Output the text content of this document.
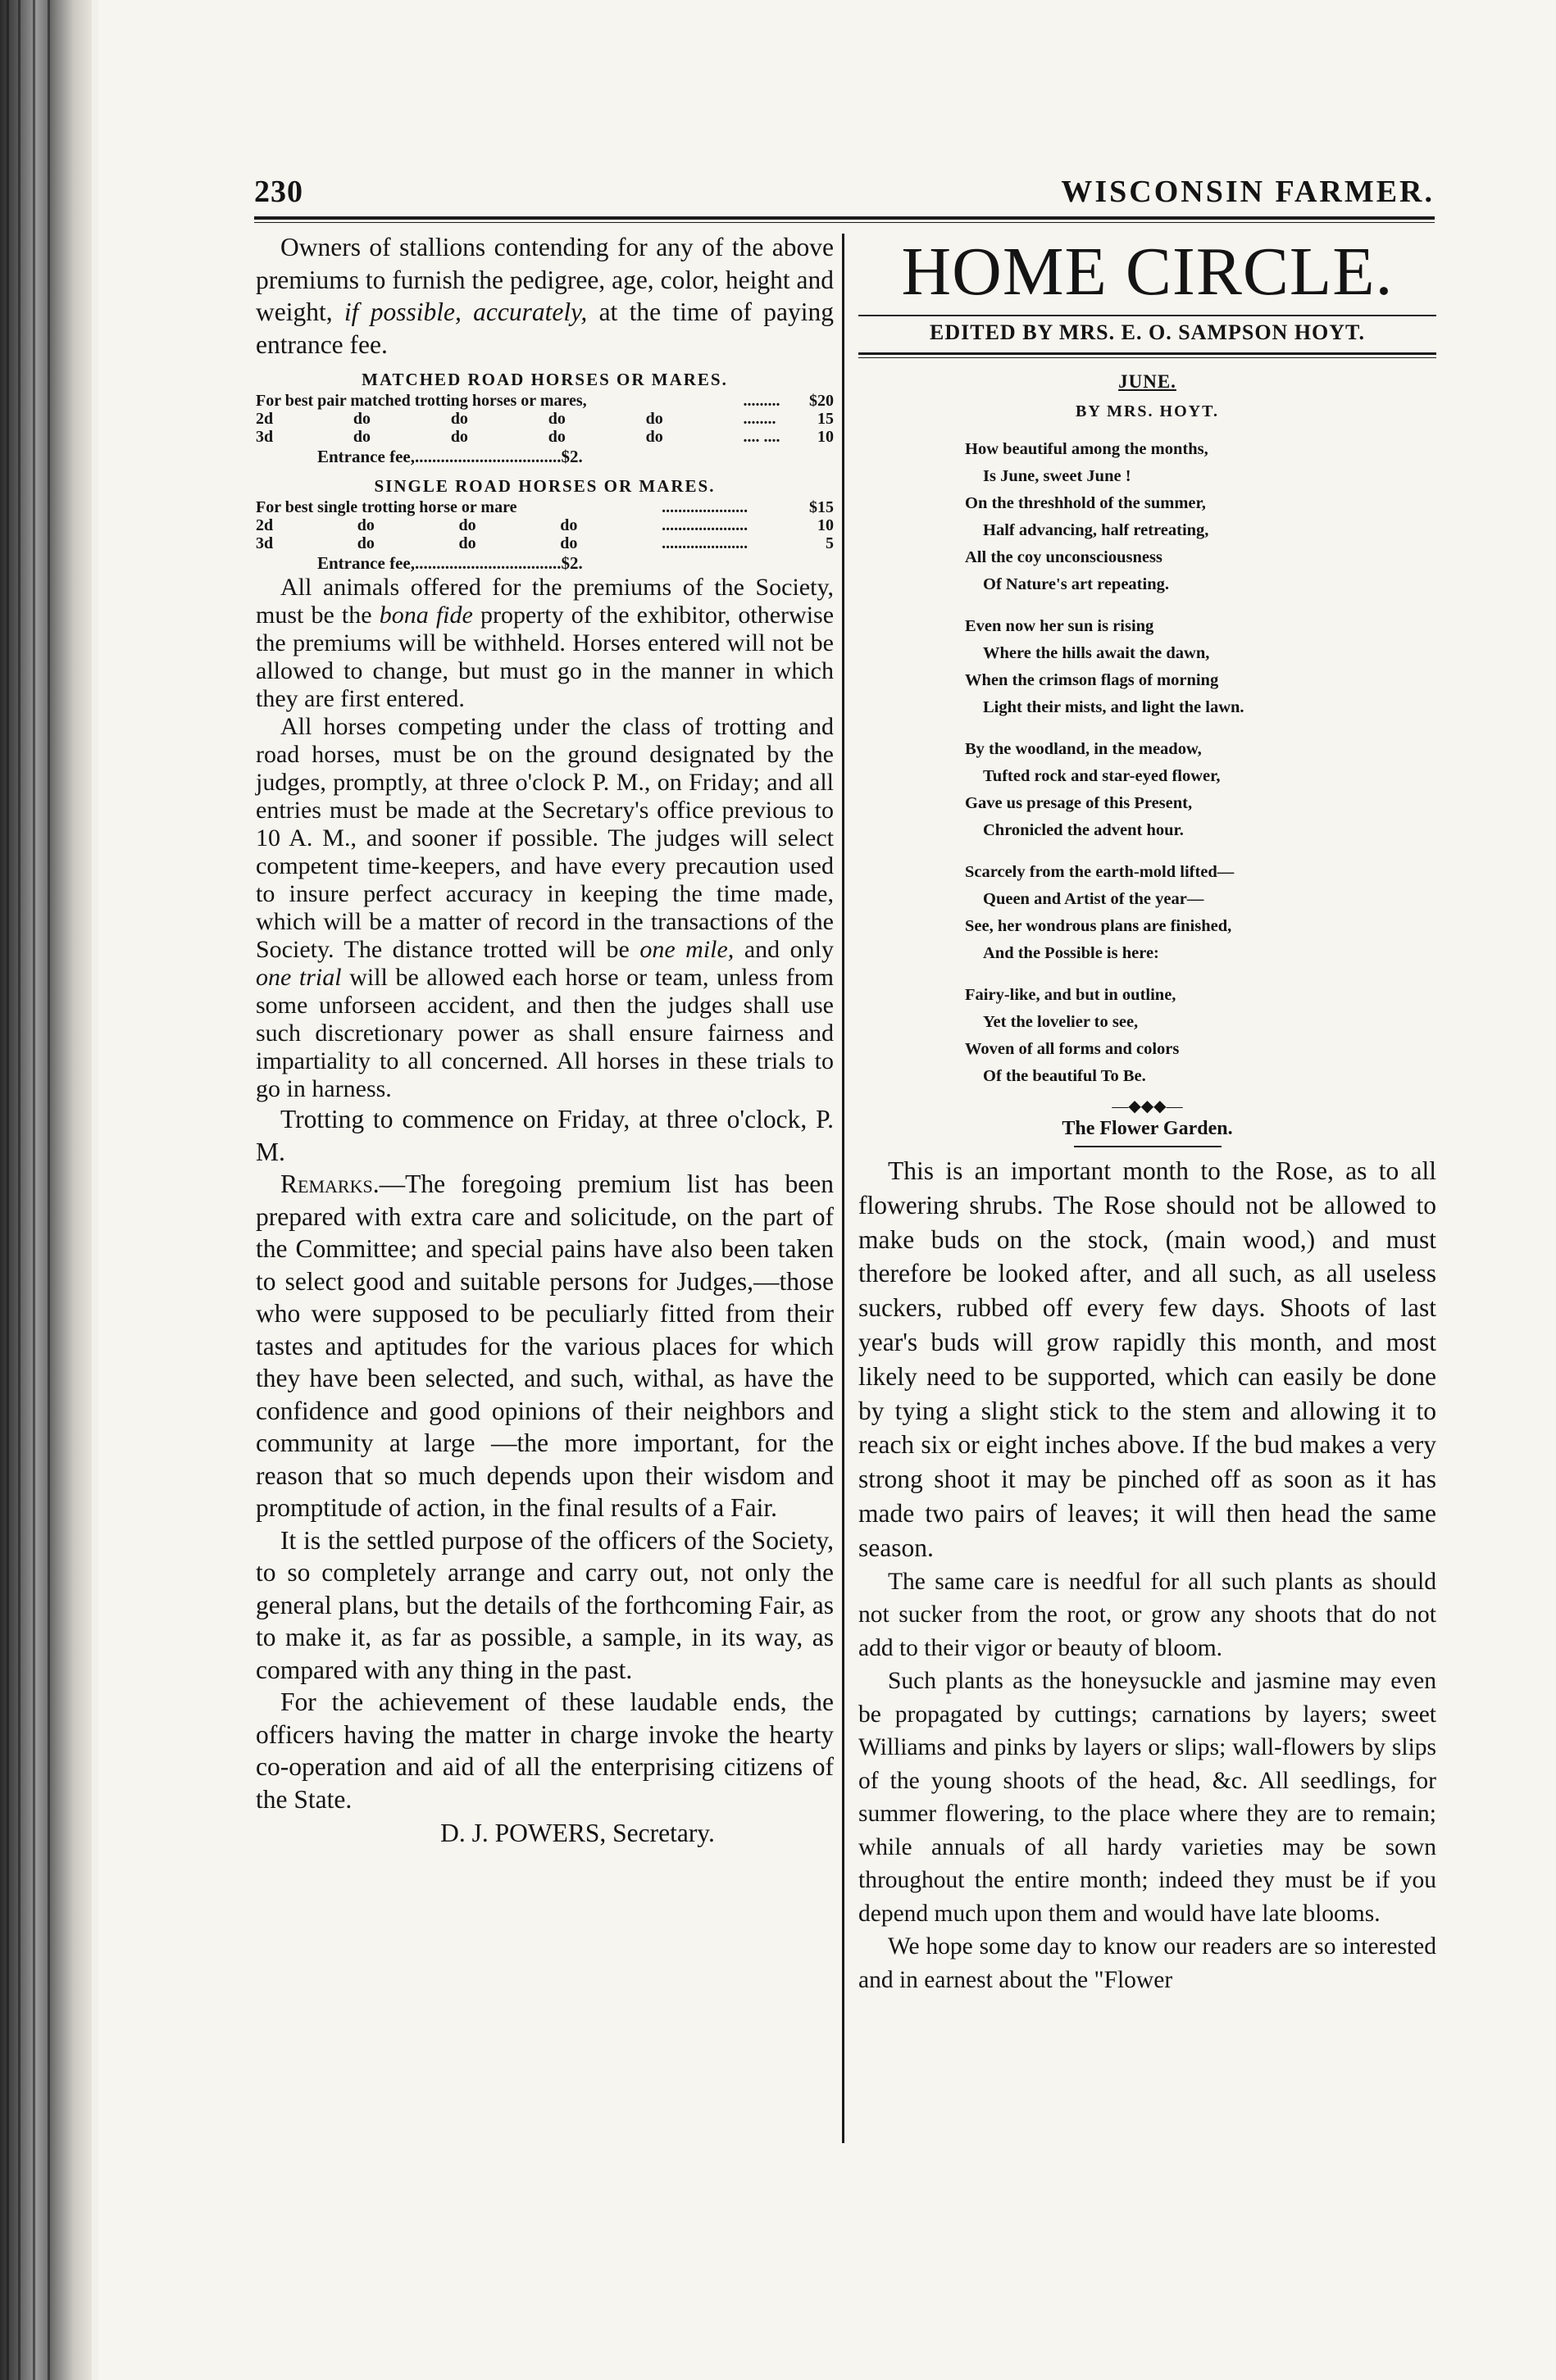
230	WISCONSIN FARMER.

Owners of stallions contending for any of the above premiums to furnish the pedigree, age, color, height and weight, if possible, accurately, at the time of paying entrance fee.

MATCHED ROAD HORSES OR MARES.
For best pair matched trotting horses or mares,					.........	$20
2d	do	do	do	do	........	15
3d	do	do	do	do	.... ....	10
Entrance fee,..................................$2.
SINGLE ROAD HORSES OR MARES.
For best single trotting horse or mare				.....................	$15
2d	do	do	do	.....................	10
3d	do	do	do	.....................	5
Entrance fee,..................................$2.

All animals offered for the premiums of the Society, must be the bona fide property of the exhibitor, otherwise the premiums will be withheld. Horses entered will not be allowed to change, but must go in the manner in which they are first entered.

All horses competing under the class of trotting and road horses, must be on the ground designated by the judges, promptly, at three o'clock P. M., on Friday; and all entries must be made at the Secretary's office previous to 10 A. M., and sooner if possible. The judges will select competent time-keepers, and have every precaution used to insure perfect accuracy in keeping the time made, which will be a matter of record in the transactions of the Society. The distance trotted will be one mile, and only one trial will be allowed each horse or team, unless from some unforseen accident, and then the judges shall use such discretionary power as shall ensure fairness and impartiality to all concerned. All horses in these trials to go in harness.

Trotting to commence on Friday, at three o'clock, P. M.

Remarks.—The foregoing premium list has been prepared with extra care and solicitude, on the part of the Committee; and special pains have also been taken to select good and suitable persons for Judges,—those who were supposed to be peculiarly fitted from their tastes and aptitudes for the various places for which they have been selected, and such, withal, as have the confidence and good opinions of their neighbors and community at large —the more important, for the reason that so much depends upon their wisdom and promptitude of action, in the final results of a Fair.

It is the settled purpose of the officers of the Society, to so completely arrange and carry out, not only the general plans, but the details of the forthcoming Fair, as to make it, as far as possible, a sample, in its way, as compared with any thing in the past.

For the achievement of these laudable ends, the officers having the matter in charge invoke the hearty co-operation and aid of all the enterprising citizens of the State.

D. J. POWERS, Secretary.
HOME CIRCLE.
EDITED BY MRS. E. O. SAMPSON HOYT.
JUNE.
BY MRS. HOYT.
How beautiful among the months,
Is June, sweet June !
On the threshhold of the summer,
Half advancing, half retreating,
All the coy unconsciousness
Of Nature's art repeating.
Even now her sun is rising
Where the hills await the dawn,
When the crimson flags of morning
Light their mists, and light the lawn.
By the woodland, in the meadow,
Tufted rock and star-eyed flower,
Gave us presage of this Present,
Chronicled the advent hour.
Scarcely from the earth-mold lifted—
Queen and Artist of the year—
See, her wondrous plans are finished,
And the Possible is here:
Fairy-like, and but in outline,
Yet the lovelier to see,
Woven of all forms and colors
Of the beautiful To Be.
—◆◆◆—
The Flower Garden.

This is an important month to the Rose, as to all flowering shrubs. The Rose should not be allowed to make buds on the stock, (main wood,) and must therefore be looked after, and all such, as all useless suckers, rubbed off every few days. Shoots of last year's buds will grow rapidly this month, and most likely need to be supported, which can easily be done by tying a slight stick to the stem and allowing it to reach six or eight inches above. If the bud makes a very strong shoot it may be pinched off as soon as it has made two pairs of leaves; it will then head the same season.

The same care is needful for all such plants as should not sucker from the root, or grow any shoots that do not add to their vigor or beauty of bloom.

Such plants as the honeysuckle and jasmine may even be propagated by cuttings; carnations by layers; sweet Williams and pinks by layers or slips; wall-flowers by slips of the young shoots of the head, &c. All seedlings, for summer flowering, to the place where they are to remain; while annuals of all hardy varieties may be sown throughout the entire month; indeed they must be if you depend much upon them and would have late blooms.

We hope some day to know our readers are so interested and in earnest about the "Flower
